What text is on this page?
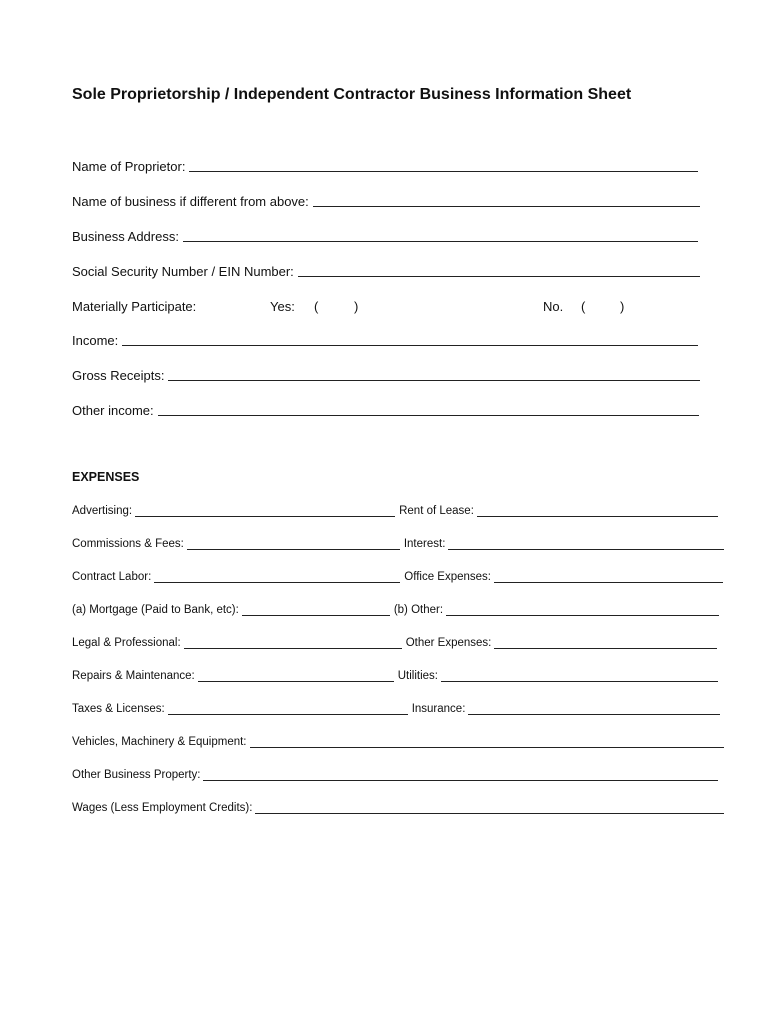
Sole Proprietorship / Independent Contractor Business Information Sheet
Name of Proprietor:
Name of business if different from above:
Business Address:
Social Security Number / EIN Number:
Materially Participate:	Yes: (	)	No. (	)
Income:
Gross Receipts:
Other income:
EXPENSES
Advertising:	Rent of Lease:
Commissions & Fees:	Interest:
Contract Labor:	Office Expenses:
(a) Mortgage (Paid to Bank, etc):	(b) Other:
Legal & Professional:	Other Expenses:
Repairs & Maintenance:	Utilities:
Taxes & Licenses:	Insurance:
Vehicles, Machinery & Equipment:
Other Business Property:
Wages (Less Employment Credits):
